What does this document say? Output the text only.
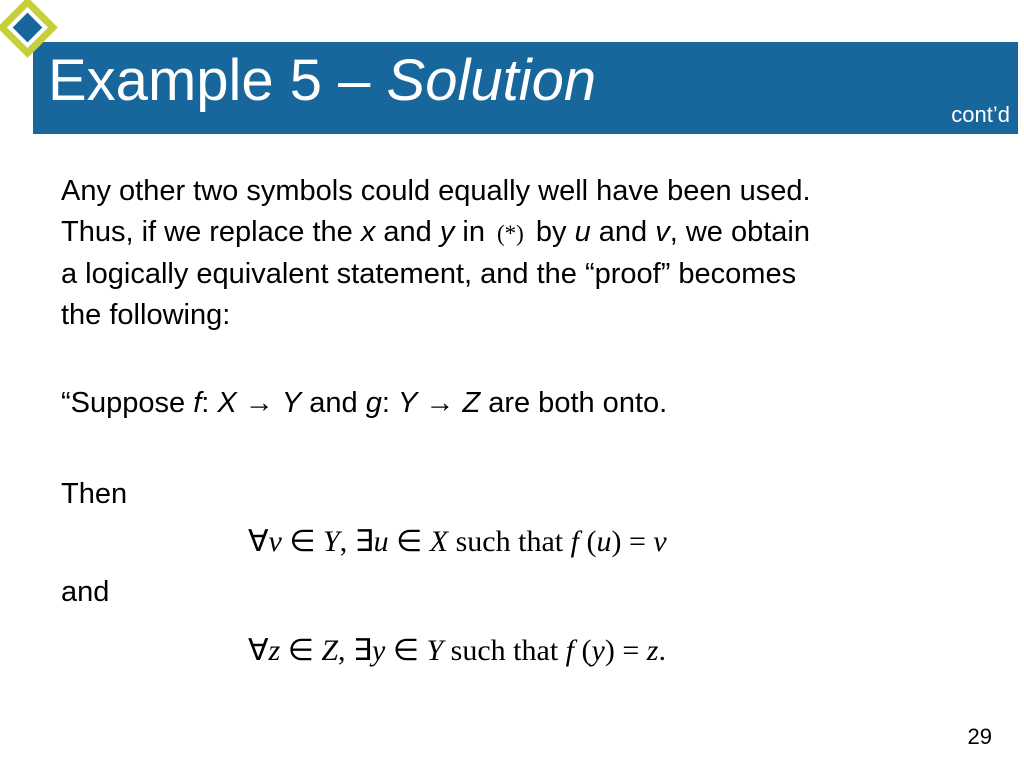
Example 5 – Solution
cont’d
Any other two symbols could equally well have been used.
Thus, if we replace the x and y in (*) by u and v, we obtain
a logically equivalent statement, and the “proof” becomes
the following:
“Suppose f: X → Y and g: Y → Z are both onto.
Then
∀v ∈ Y, ∃u ∈ X such that f (u) = v
and
∀z ∈ Z, ∃y ∈ Y such that f (y) = z.
29
